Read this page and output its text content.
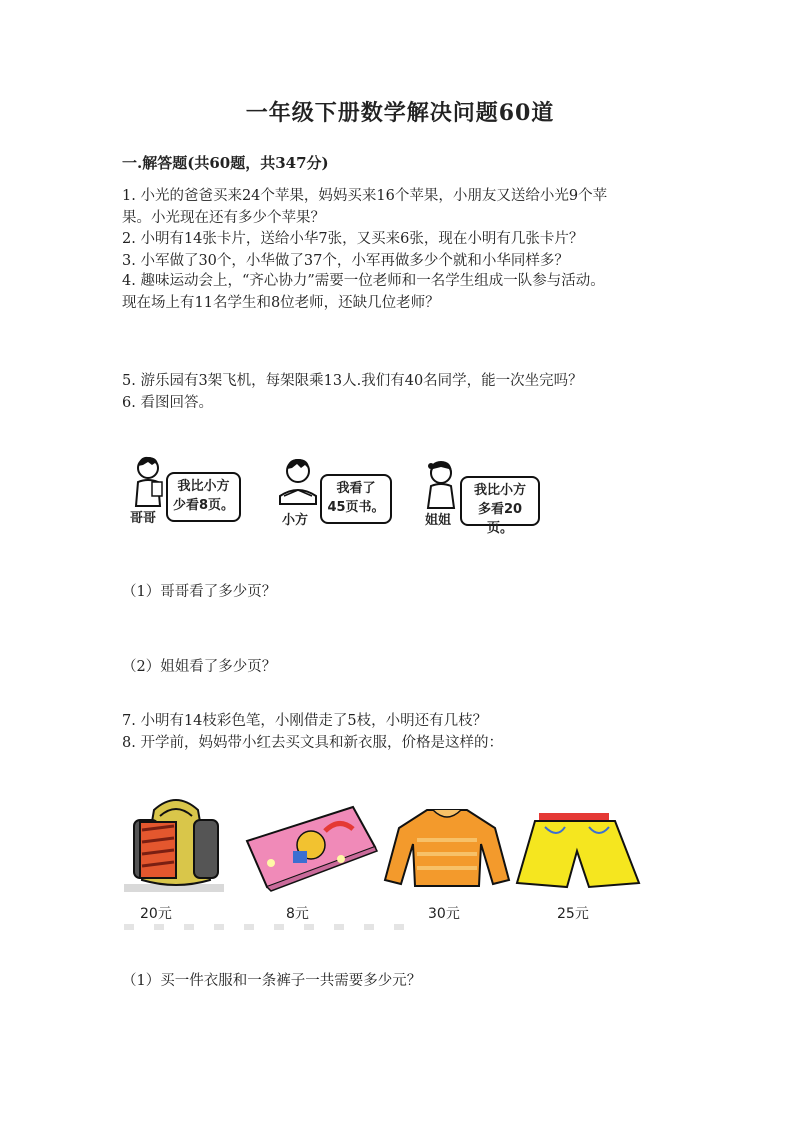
一年级下册数学解决问题60道
一.解答题(共60题，共347分)
1. 小光的爸爸买来24个苹果，妈妈买来16个苹果，小朋友又送给小光9个苹
果。小光现在还有多少个苹果？
2. 小明有14张卡片，送给小华7张，又买来6张，现在小明有几张卡片？
3. 小军做了30个，小华做了37个，小军再做多少个就和小华同样多？
4. 趣味运动会上，“齐心协力”需要一位老师和一名学生组成一队参与活动。
现在场上有11名学生和8位老师，还缺几位老师？
5. 游乐园有3架飞机，每架限乘13人.我们有40名同学，能一次坐完吗？
6. 看图回答。
哥哥
我比小方
少看8页。
小方
我看了
45页书。
姐姐
我比小方
多看20页。
（1）哥哥看了多少页？
（2）姐姐看了多少页？
7. 小明有14枝彩色笔，小刚借走了5枝，小明还有几枝？
8. 开学前，妈妈带小红去买文具和新衣服，价格是这样的：
20元	8元	30元	25元
（1）买一件衣服和一条裤子一共需要多少元？
